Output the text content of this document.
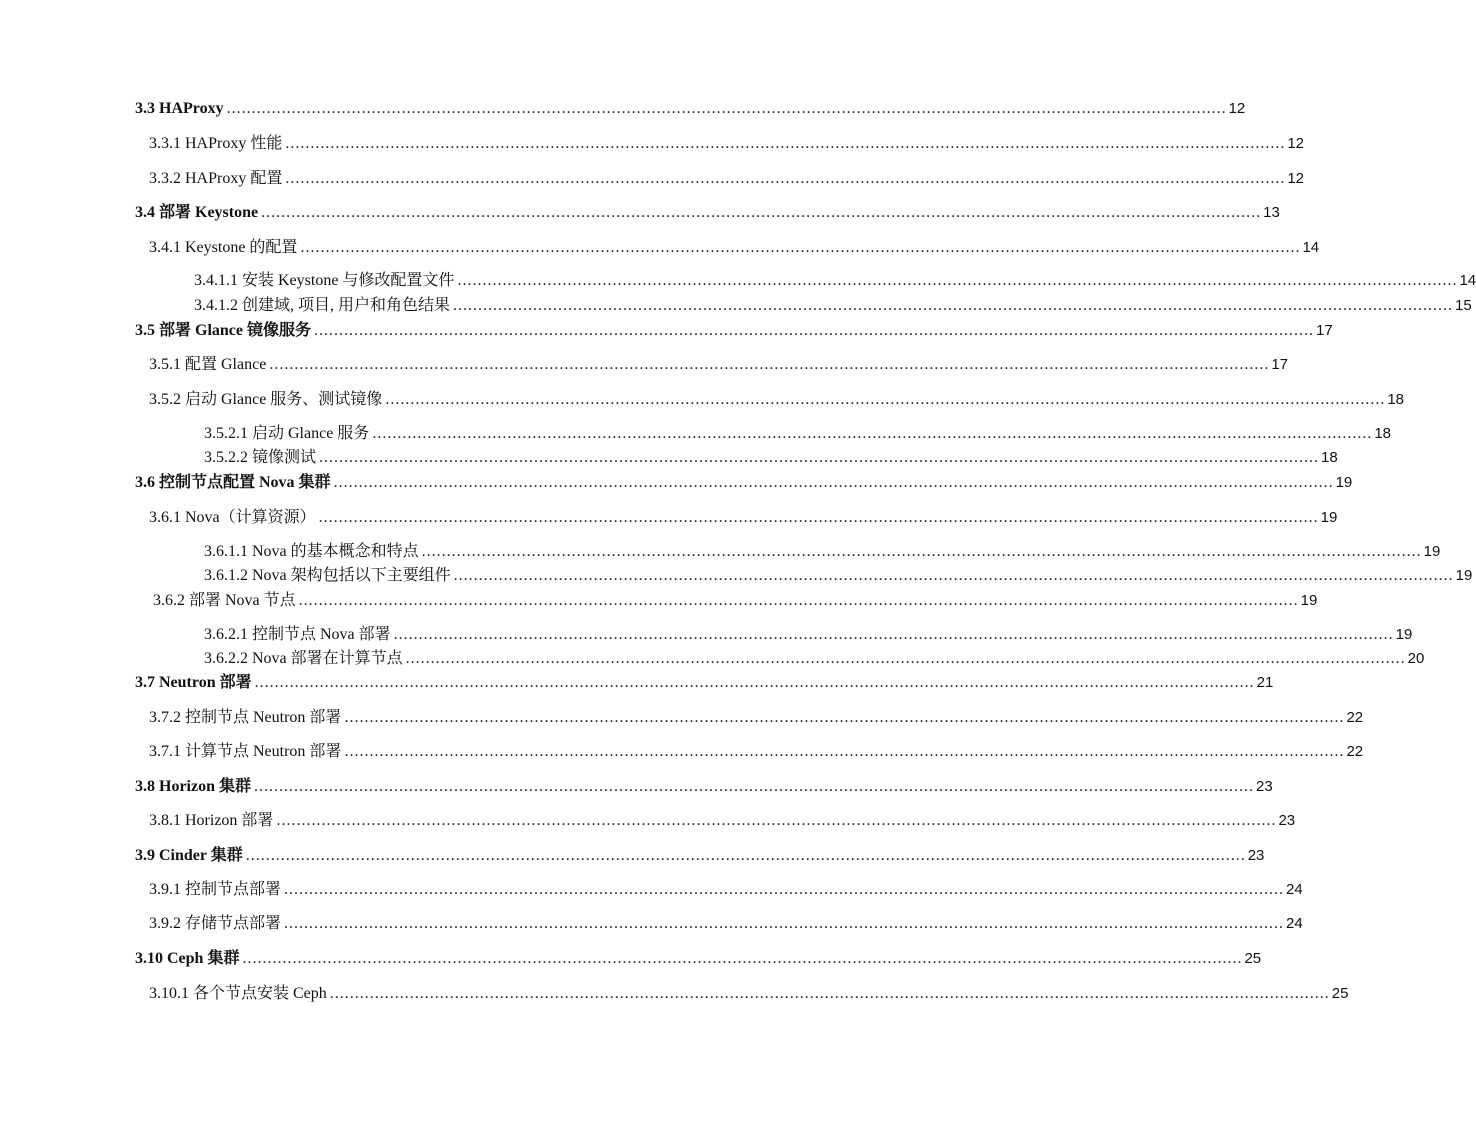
3.3 HAProxy ........................................................................................................................................................................................................ 12
3.3.1 HAProxy 性能 ........................................................................................................................................................................................................ 12
3.3.2 HAProxy 配置 ........................................................................................................................................................................................................ 12
3.4 部署 Keystone ........................................................................................................................................................................................................ 13
3.4.1 Keystone 的配置 ........................................................................................................................................................................................................ 14
3.4.1.1 安装 Keystone 与修改配置文件 ........................................................................................................................................................................................................ 14
3.4.1.2 创建域, 项目, 用户和角色结果 ........................................................................................................................................................................................................ 15
3.5 部署 Glance 镜像服务 ........................................................................................................................................................................................................ 17
3.5.1 配置 Glance ........................................................................................................................................................................................................ 17
3.5.2 启动 Glance 服务、测试镜像 ........................................................................................................................................................................................................ 18
3.5.2.1 启动 Glance 服务 ........................................................................................................................................................................................................ 18
3.5.2.2 镜像测试 ........................................................................................................................................................................................................ 18
3.6 控制节点配置 Nova 集群 ........................................................................................................................................................................................................ 19
3.6.1 Nova（计算资源） ........................................................................................................................................................................................................ 19
3.6.1.1 Nova 的基本概念和特点 ........................................................................................................................................................................................................ 19
3.6.1.2 Nova 架构包括以下主要组件 ........................................................................................................................................................................................................ 19
3.6.2 部署 Nova 节点 ........................................................................................................................................................................................................ 19
3.6.2.1 控制节点 Nova 部署 ........................................................................................................................................................................................................ 19
3.6.2.2 Nova 部署在计算节点 ........................................................................................................................................................................................................ 20
3.7 Neutron 部署 ........................................................................................................................................................................................................ 21
3.7.2 控制节点 Neutron 部署 ........................................................................................................................................................................................................ 22
3.7.1 计算节点 Neutron 部署 ........................................................................................................................................................................................................ 22
3.8 Horizon 集群 ........................................................................................................................................................................................................ 23
3.8.1 Horizon 部署 ........................................................................................................................................................................................................ 23
3.9 Cinder 集群 ........................................................................................................................................................................................................ 23
3.9.1 控制节点部署 ........................................................................................................................................................................................................ 24
3.9.2 存储节点部署 ........................................................................................................................................................................................................ 24
3.10 Ceph 集群 ........................................................................................................................................................................................................ 25
3.10.1 各个节点安装 Ceph ........................................................................................................................................................................................................ 25
